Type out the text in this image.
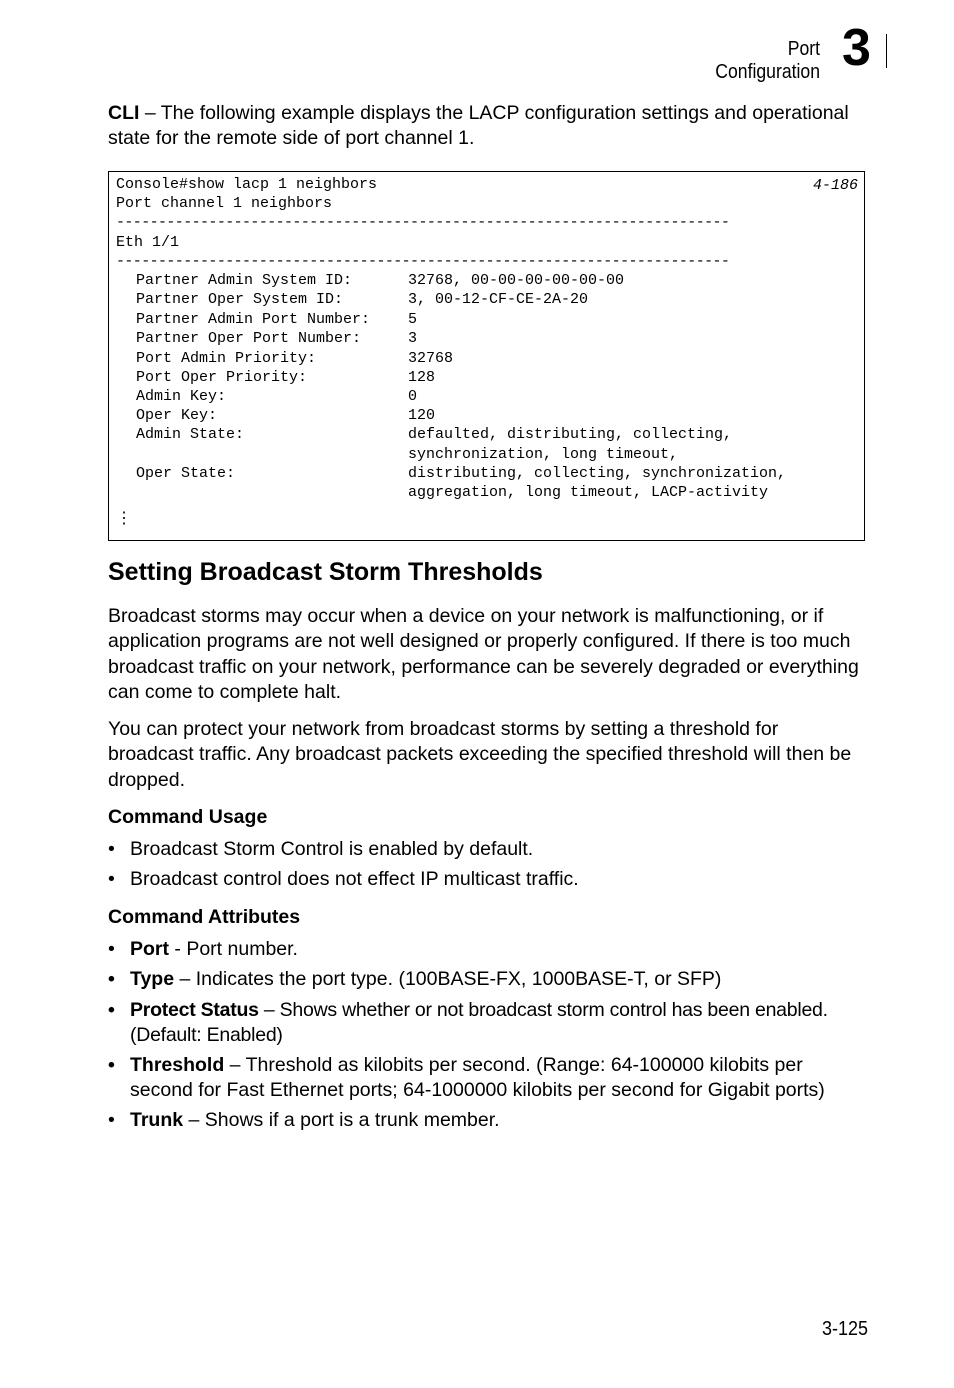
Port Configuration 3
CLI – The following example displays the LACP configuration settings and operational state for the remote side of port channel 1.
Console#show lacp 1 neighbors	4-186
Port channel 1 neighbors
-------------------------------------------------------------------------
Eth 1/1
-------------------------------------------------------------------------
Partner Admin System ID:	32768, 00-00-00-00-00-00
Partner Oper System ID:	3, 00-12-CF-CE-2A-20
Partner Admin Port Number:	5
Partner Oper Port Number:	3
Port Admin Priority:	32768
Port Oper Priority:	128
Admin Key:	0
Oper Key:	120
Admin State:	defaulted, distributing, collecting,
synchronization, long timeout,
Oper State:	distributing, collecting, synchronization,
aggregation, long timeout, LACP-activity
⋮
Setting Broadcast Storm Thresholds
Broadcast storms may occur when a device on your network is malfunctioning, or if application programs are not well designed or properly configured. If there is too much broadcast traffic on your network, performance can be severely degraded or everything can come to complete halt.
You can protect your network from broadcast storms by setting a threshold for broadcast traffic. Any broadcast packets exceeding the specified threshold will then be dropped.
Command Usage
• Broadcast Storm Control is enabled by default.
• Broadcast control does not effect IP multicast traffic.
Command Attributes
• Port - Port number.
• Type – Indicates the port type. (100BASE-FX, 1000BASE-T, or SFP)
• Protect Status – Shows whether or not broadcast storm control has been enabled. (Default: Enabled)
• Threshold – Threshold as kilobits per second. (Range: 64-100000 kilobits per second for Fast Ethernet ports; 64-1000000 kilobits per second for Gigabit ports)
• Trunk – Shows if a port is a trunk member.
3-125
